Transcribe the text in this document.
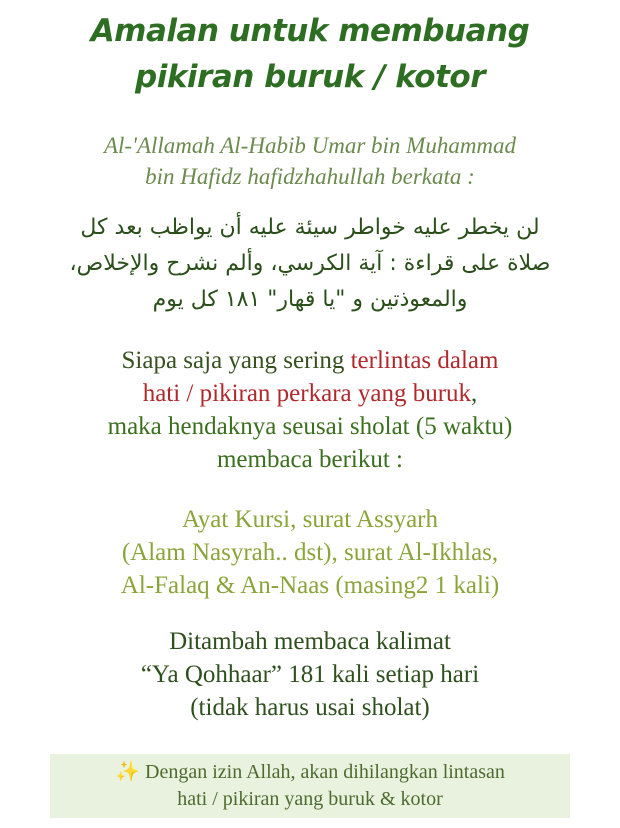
Amalan untuk membuang
pikiran buruk / kotor
Al-'Allamah Al-Habib Umar bin Muhammad
bin Hafidz hafidzhahullah berkata :
لن يخطر عليه خواطر سيئة عليه أن يواظب بعد كل
صلاة على قراءة : آية الكرسي، وألم نشرح والإخلاص،
والمعوذتين و "يا قهار" ١٨١ كل يوم
Siapa saja yang sering terlintas dalam
hati / pikiran perkara yang buruk,
maka hendaknya seusai sholat (5 waktu)
membaca berikut :
Ayat Kursi, surat Assyarh
(Alam Nasyrah.. dst), surat Al-Ikhlas,
Al-Falaq & An-Naas (masing2 1 kali)
Ditambah membaca kalimat
“Ya Qohhaar” 181 kali setiap hari
(tidak harus usai sholat)
✨ Dengan izin Allah, akan dihilangkan lintasan
hati / pikiran yang buruk & kotor
